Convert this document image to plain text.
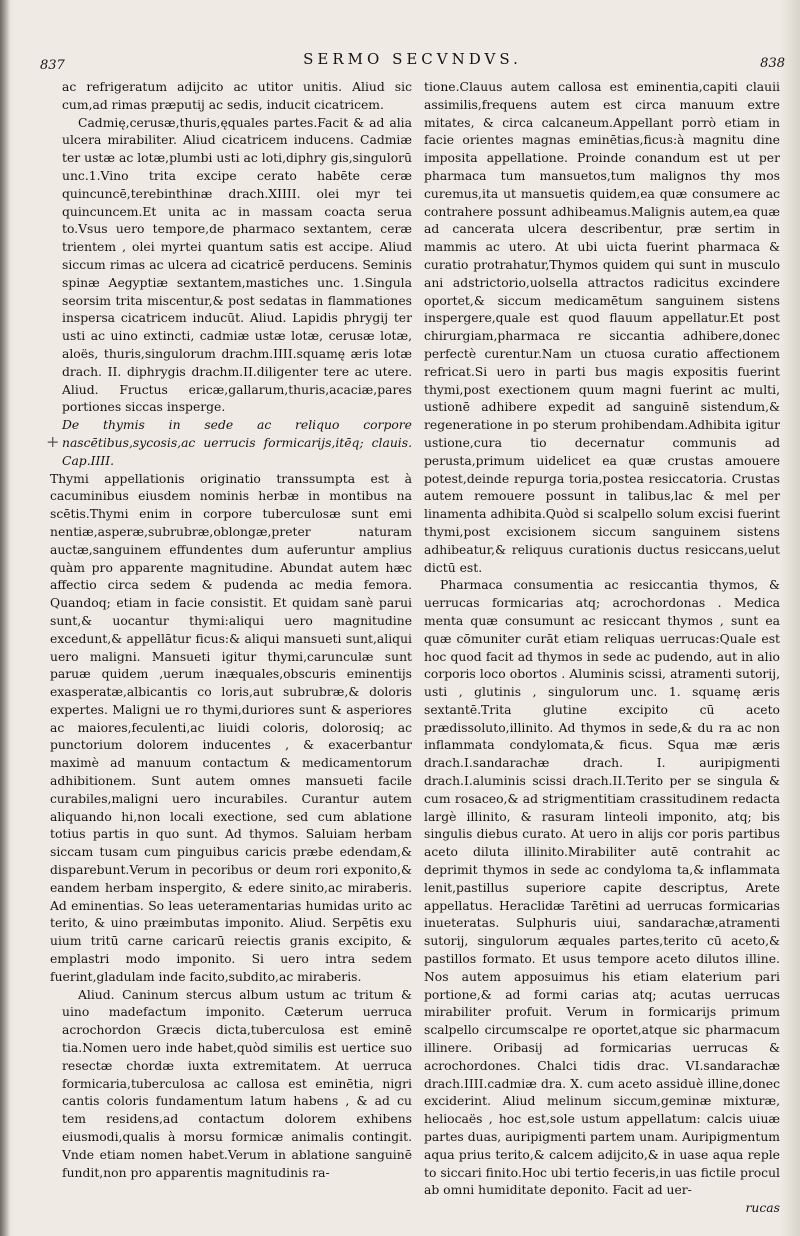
837	SERMO SECVNDVS.	838
+

ac refrigeratum adijcito ac utitor unitis. Aliud sic cum,ad rimas præputij ac sedis, inducit cicatricem.

Cadmię,cerusæ,thuris,ęquales partes.Facit & ad alia ulcera mirabiliter. Aliud cicatricem inducens. Cadmiæ ter ustæ ac lotæ,plumbi usti ac loti,diphry gis,singulorū unc.1.Vino trita excipe cerato habēte ceræ quincuncē,terebinthinæ drach.XIIII. olei myr tei quincuncem.Et unita ac in massam coacta serua to.Vsus uero tempore,de pharmaco sextantem, ceræ trientem , olei myrtei quantum satis est accipe. Aliud siccum rimas ac ulcera ad cicatricē perducens. Seminis spinæ Aegyptiæ sextantem,mastiches unc. 1.Singula seorsim trita miscentur,& post sedatas in flammationes inspersa cicatricem inducūt. Aliud. Lapidis phrygij ter usti ac uino extincti, cadmiæ ustæ lotæ, cerusæ lotæ, aloës, thuris,singulorum drachm.IIII.squamę æris lotæ drach. II. diphrygis drachm.II.diligenter tere ac utere. Aliud. Fructus ericæ,gallarum,thuris,acaciæ,pares portiones siccas insperge.

De thymis in sede ac reliquo corpore nascētibus,sycosis,ac uerrucis formicarijs,itēq; clauis. Cap.IIII.

Thymi appellationis originatio transsumpta est à cacuminibus eiusdem nominis herbæ in montibus na scētis.Thymi enim in corpore tuberculosæ sunt emi nentiæ,asperæ,subrubræ,oblongæ,preter naturam auctæ,sanguinem effundentes dum auferuntur amplius quàm pro apparente magnitudine. Abundat autem hæc affectio circa sedem & pudenda ac media femora. Quandoq; etiam in facie consistit. Et quidam sanè parui sunt,& uocantur thymi:aliqui uero magnitudine excedunt,& appellātur ficus:& aliqui mansueti sunt,aliqui uero maligni. Mansueti igitur thymi,carunculæ sunt paruæ quidem ,uerum inæquales,obscuris eminentijs exasperatæ,albicantis co loris,aut subrubræ,& doloris expertes. Maligni ue ro thymi,duriores sunt & asperiores ac maiores,feculenti,ac liuidi coloris, dolorosiq; ac punctorium dolorem inducentes , & exacerbantur maximè ad manuum contactum & medicamentorum adhibitionem. Sunt autem omnes mansueti facile curabiles,maligni uero incurabiles. Curantur autem aliquando hi,non locali exectione, sed cum ablatione totius partis in quo sunt. Ad thymos. Saluiam herbam siccam tusam cum pinguibus caricis præbe edendam,& disparebunt.Verum in pecoribus or deum rori exponito,& eandem herbam inspergito, & edere sinito,ac miraberis. Ad eminentias. So leas ueteramentarias humidas urito ac terito, & uino præimbutas imponito. Aliud. Serpētis exu uium tritū carne caricarū reiectis granis excipito, & emplastri modo imponito. Si uero intra sedem fuerint,gladulam inde facito,subdito,ac miraberis.

Aliud. Caninum stercus album ustum ac tritum & uino madefactum imponito. Cæterum uerruca acrochordon Græcis dicta,tuberculosa est eminē tia.Nomen uero inde habet,quòd similis est uertice suo resectæ chordæ iuxta extremitatem. At uerruca formicaria,tuberculosa ac callosa est eminētia, nigri cantis coloris fundamentum latum habens , & ad cu tem residens,ad contactum dolorem exhibens eiusmodi,qualis à morsu formicæ animalis contingit. Vnde etiam nomen habet.Verum in ablatione sanguinē fundit,non pro apparentis magnitudinis ra-

tione.Clauus autem callosa est eminentia,capiti clauii assimilis,frequens autem est circa manuum extre mitates, & circa calcaneum.Appellant porrò etiam in facie orientes magnas eminētias,ficus:à magnitu dine imposita appellatione. Proinde conandum est ut per pharmaca tum mansuetos,tum malignos thy mos curemus,ita ut mansuetis quidem,ea quæ consumere ac contrahere possunt adhibeamus.Malignis autem,ea quæ ad cancerata ulcera describentur, præ sertim in mammis ac utero. At ubi uicta fuerint pharmaca & curatio protrahatur,Thymos quidem qui sunt in musculo ani adstrictorio,uolsella attractos radicitus excindere oportet,& siccum medicamētum sanguinem sistens inspergere,quale est quod flauum appellatur.Et post chirurgiam,pharmaca re siccantia adhibere,donec perfectè curentur.Nam un ctuosa curatio affectionem refricat.Si uero in parti bus magis expositis fuerint thymi,post exectionem quum magni fuerint ac multi, ustionē adhibere expedit ad sanguinē sistendum,& regeneratione in po sterum prohibendam.Adhibita igitur ustione,cura tio decernatur communis ad perusta,primum uidelicet ea quæ crustas amouere potest,deinde repurga toria,postea resiccatoria. Crustas autem remouere possunt in talibus,lac & mel per linamenta adhibita.Quòd si scalpello solum excisi fuerint thymi,post excisionem siccum sanguinem sistens adhibeatur,& reliquus curationis ductus resiccans,uelut dictū est.

Pharmaca consumentia ac resiccantia thymos, & uerrucas formicarias atq; acrochordonas . Medica menta quæ consumunt ac resiccant thymos , sunt ea quæ cōmuniter curāt etiam reliquas uerrucas:Quale est hoc quod facit ad thymos in sede ac pudendo, aut in alio corporis loco obortos . Aluminis scissi, atramenti sutorij, usti , glutinis , singulorum unc. 1. squamę æris sextantē.Trita glutine excipito cū aceto prædissoluto,illinito. Ad thymos in sede,& du ra ac non inflammata condylomata,& ficus. Squa mæ æris drach.I.sandarachæ drach. I. auripigmenti drach.I.aluminis scissi drach.II.Terito per se singula & cum rosaceo,& ad strigmentitiam crassitudinem redacta largè illinito, & rasuram linteoli imponito, atq; bis singulis diebus curato. At uero in alijs cor poris partibus aceto diluta illinito.Mirabiliter autē contrahit ac deprimit thymos in sede ac condyloma ta,& inflammata lenit,pastillus superiore capite descriptus, Arete appellatus. Heraclidæ Tarētini ad uerrucas formicarias inueteratas. Sulphuris uiui, sandarachæ,atramenti sutorij, singulorum æquales partes,terito cū aceto,& pastillos formato. Et usus tempore aceto dilutos illine. Nos autem apposuimus his etiam elaterium pari portione,& ad formi carias atq; acutas uerrucas mirabiliter profuit. Verum in formicarijs primum scalpello circumscalpe re oportet,atque sic pharmacum illinere. Oribasij ad formicarias uerrucas & acrochordones. Chalci tidis drac. VI.sandarachæ drach.IIII.cadmiæ dra. X. cum aceto assiduè illine,donec exciderint. Aliud melinum siccum,geminæ mixturæ, heliocaës , hoc est,sole ustum appellatum: calcis uiuæ partes duas, auripigmenti partem unam. Auripigmentum aqua prius terito,& calcem adijcito,& in uase aqua reple to siccari finito.Hoc ubi tertio feceris,in uas fictile procul ab omni humiditate deponito. Facit ad uer-

rucas
